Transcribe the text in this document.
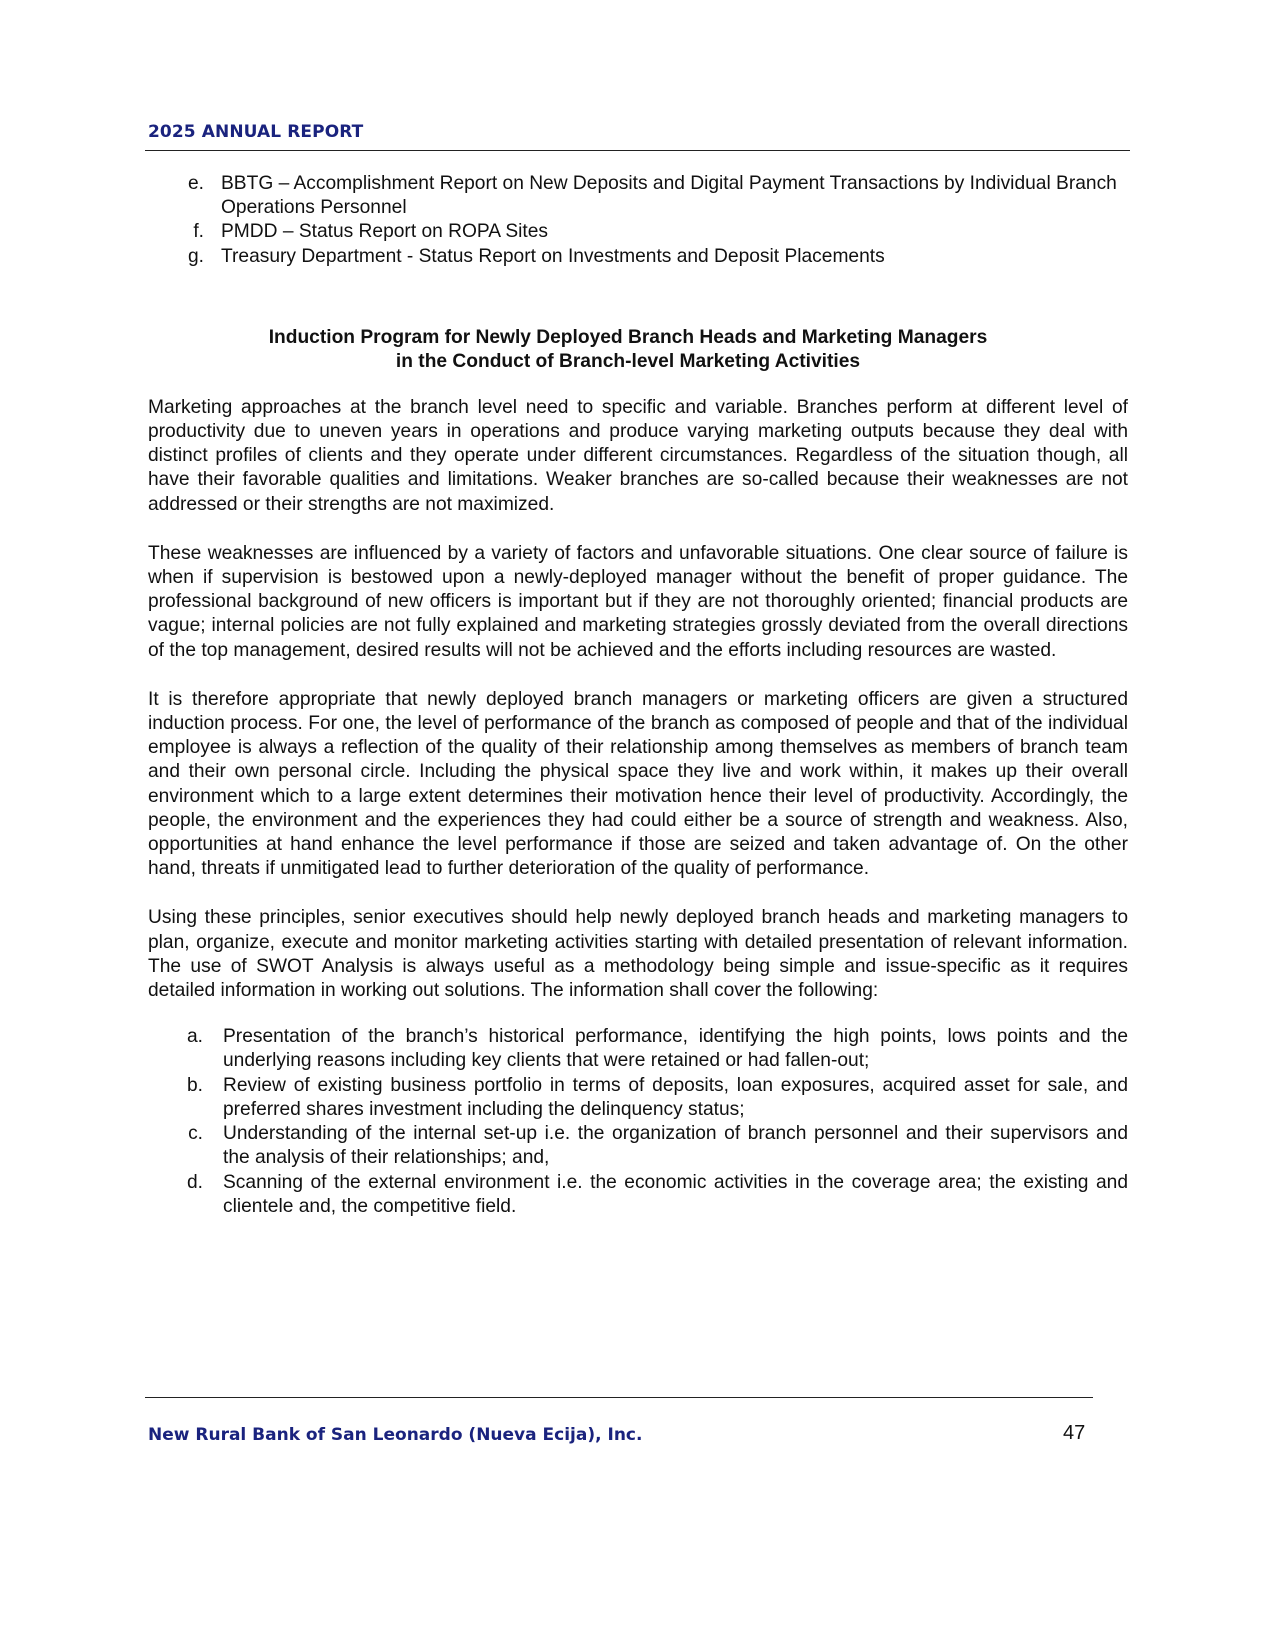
2025 ANNUAL REPORT
e. BBTG – Accomplishment Report on New Deposits and Digital Payment Transactions by Individual Branch Operations Personnel
f. PMDD – Status Report on ROPA Sites
g. Treasury Department - Status Report on Investments and Deposit Placements
Induction Program for Newly Deployed Branch Heads and Marketing Managers
in the Conduct of Branch-level Marketing Activities

Marketing approaches at the branch level need to specific and variable. Branches perform at different level of productivity due to uneven years in operations and produce varying marketing outputs because they deal with distinct profiles of clients and they operate under different circumstances. Regardless of the situation though, all have their favorable qualities and limitations. Weaker branches are so-called because their weaknesses are not addressed or their strengths are not maximized.

These weaknesses are influenced by a variety of factors and unfavorable situations. One clear source of failure is when if supervision is bestowed upon a newly-deployed manager without the benefit of proper guidance. The professional background of new officers is important but if they are not thoroughly oriented; financial products are vague; internal policies are not fully explained and marketing strategies grossly deviated from the overall directions of the top management, desired results will not be achieved and the efforts including resources are wasted.

It is therefore appropriate that newly deployed branch managers or marketing officers are given a structured induction process. For one, the level of performance of the branch as composed of people and that of the individual employee is always a reflection of the quality of their relationship among themselves as members of branch team and their own personal circle. Including the physical space they live and work within, it makes up their overall environment which to a large extent determines their motivation hence their level of productivity. Accordingly, the people, the environment and the experiences they had could either be a source of strength and weakness. Also, opportunities at hand enhance the level performance if those are seized and taken advantage of. On the other hand, threats if unmitigated lead to further deterioration of the quality of performance.

Using these principles, senior executives should help newly deployed branch heads and marketing managers to plan, organize, execute and monitor marketing activities starting with detailed presentation of relevant information. The use of SWOT Analysis is always useful as a methodology being simple and issue-specific as it requires detailed information in working out solutions. The information shall cover the following:

a. Presentation of the branch’s historical performance, identifying the high points, lows points and the underlying reasons including key clients that were retained or had fallen-out;
b. Review of existing business portfolio in terms of deposits, loan exposures, acquired asset for sale, and preferred shares investment including the delinquency status;
c. Understanding of the internal set-up i.e. the organization of branch personnel and their supervisors and the analysis of their relationships; and,
d. Scanning of the external environment i.e. the economic activities in the coverage area; the existing and clientele and, the competitive field.
New Rural Bank of San Leonardo (Nueva Ecija), Inc.	47
